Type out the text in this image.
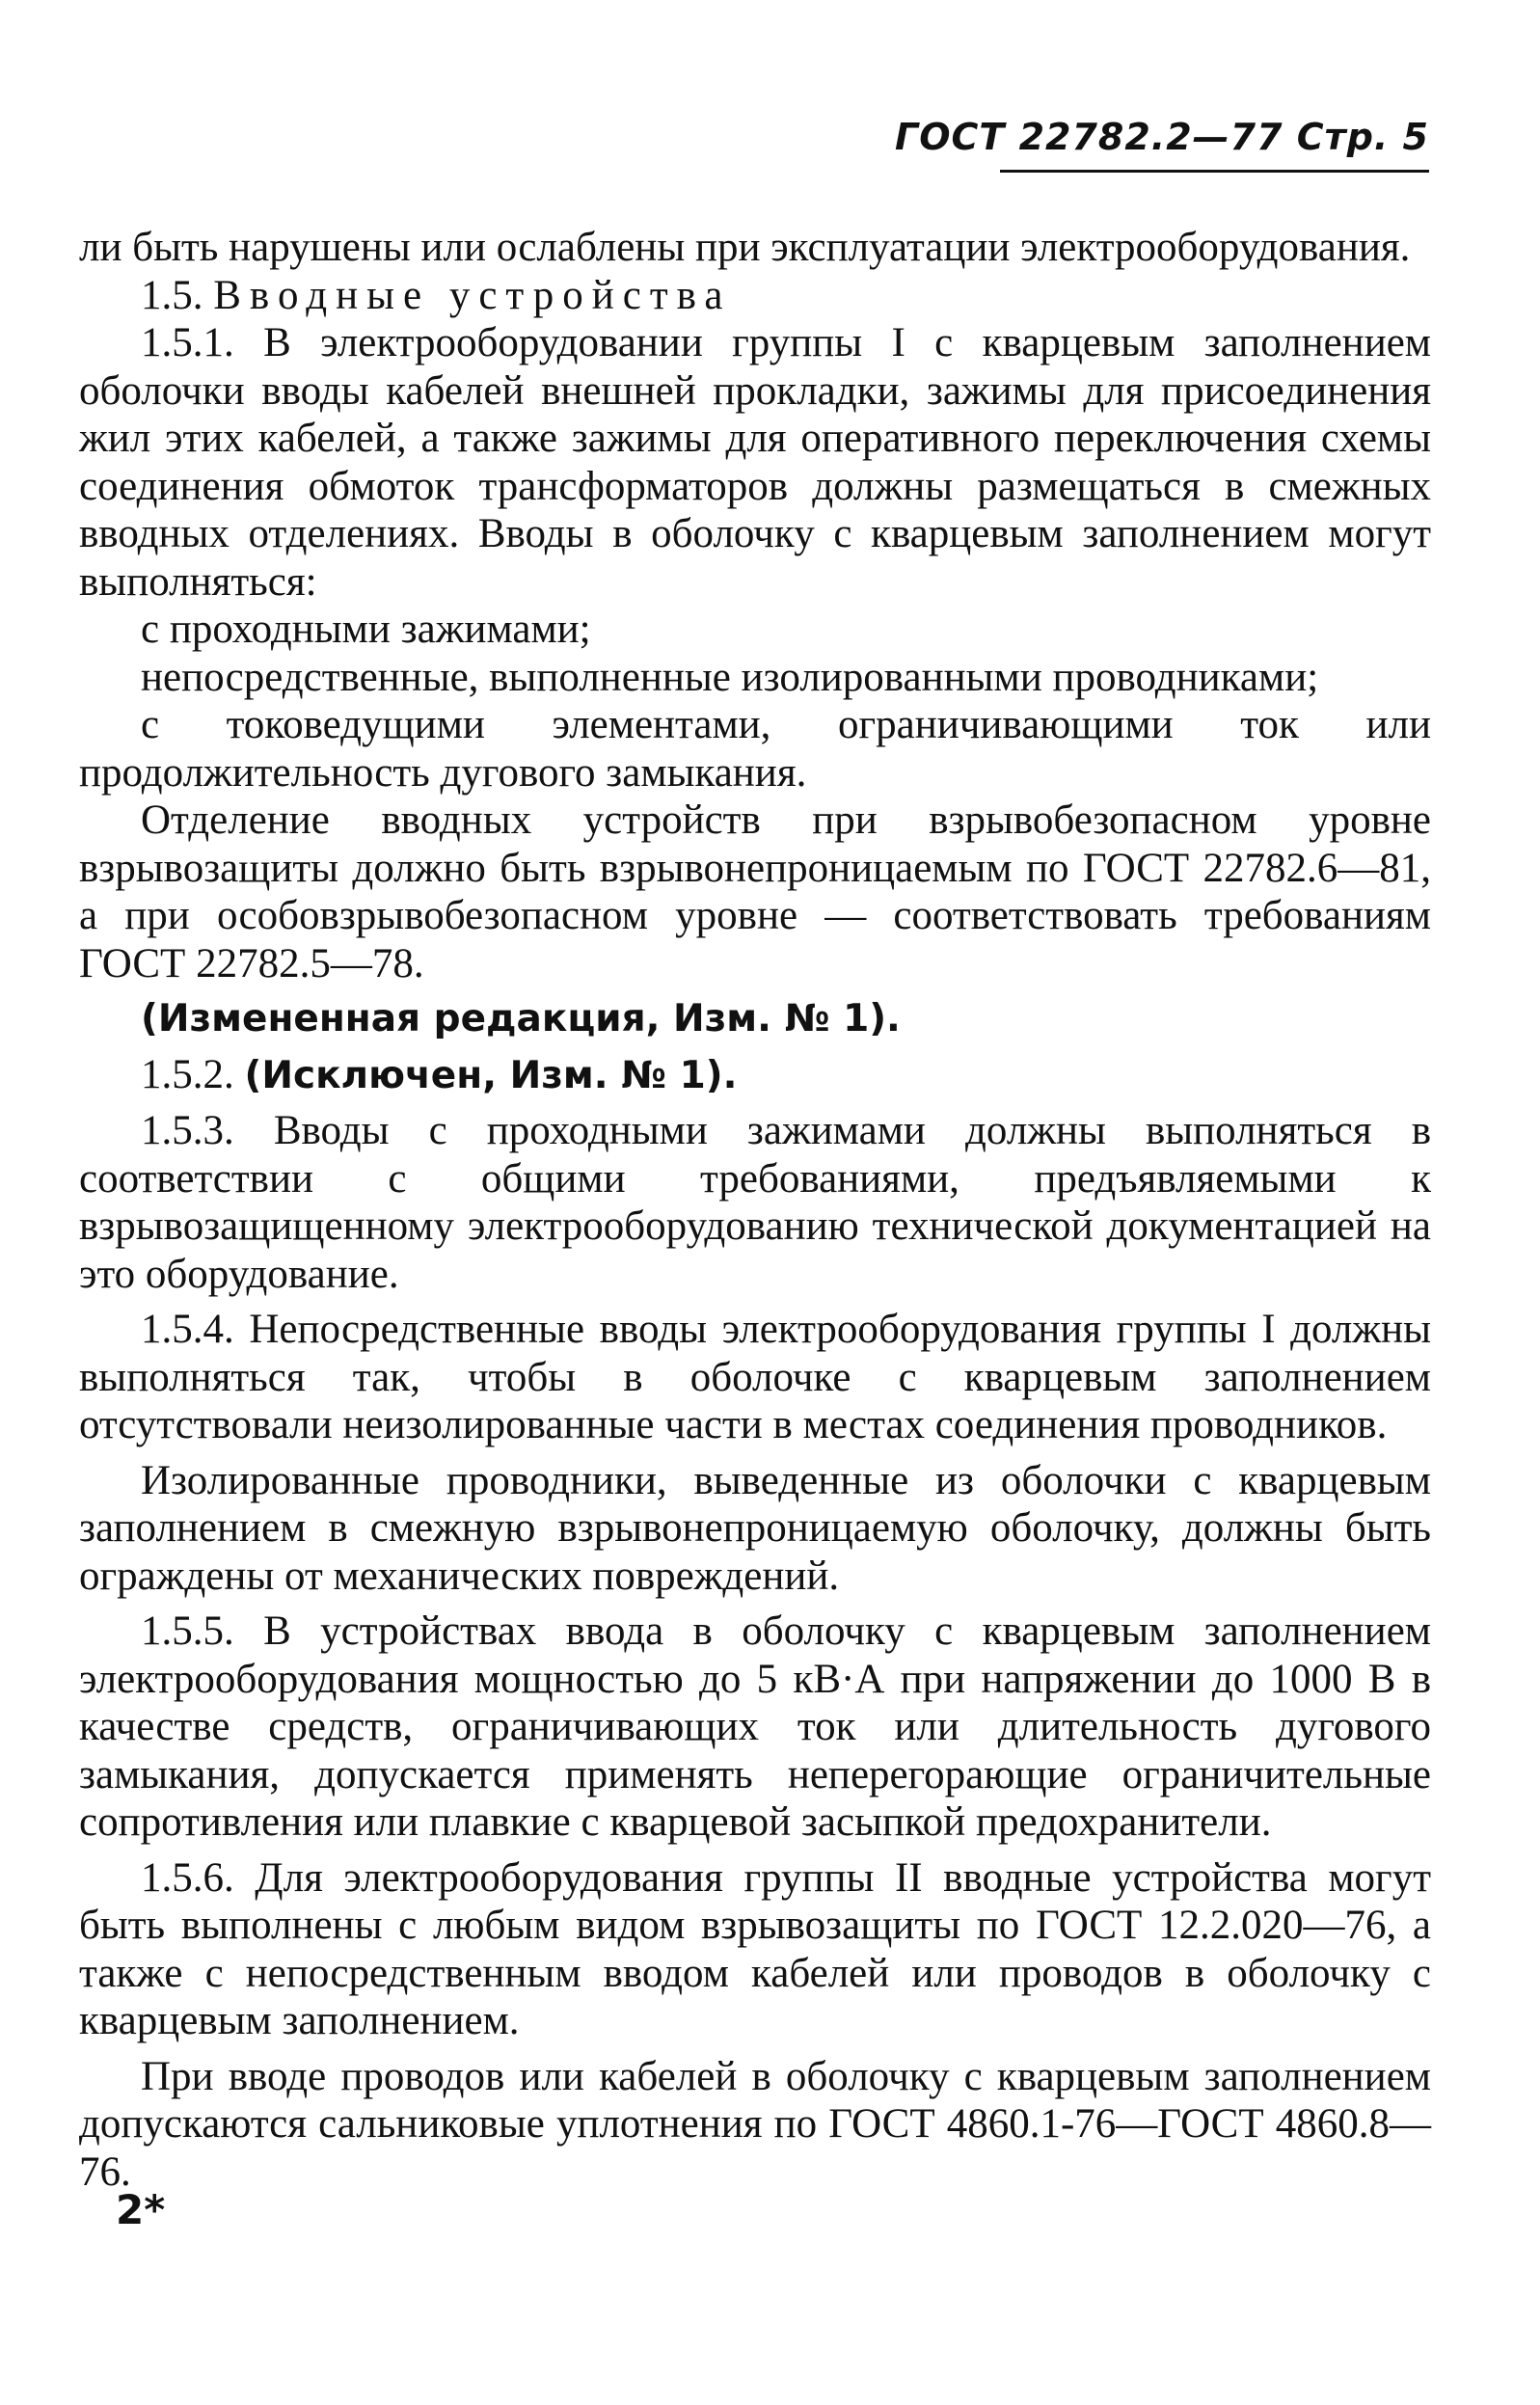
ГОСТ 22782.2—77 Стр. 5

ли быть нарушены или ослаблены при эксплуатации электрооборудования.

1.5. Вводные устройства

1.5.1. В электрооборудовании группы I с кварцевым заполнением оболочки вводы кабелей внешней прокладки, зажимы для присоединения жил этих кабелей, а также зажимы для оперативного переключения схемы соединения обмоток трансформаторов должны размещаться в смежных вводных отделениях. Вводы в оболочку с кварцевым заполнением могут выполняться:

с проходными зажимами;

непосредственные, выполненные изолированными проводниками;

с токоведущими элементами, ограничивающими ток или продолжительность дугового замыкания.

Отделение вводных устройств при взрывобезопасном уровне взрывозащиты должно быть взрывонепроницаемым по ГОСТ 22782.6—81, а при особовзрывобезопасном уровне — соответствовать требованиям ГОСТ 22782.5—78.

(Измененная редакция, Изм. № 1).

1.5.2. (Исключен, Изм. № 1).

1.5.3. Вводы с проходными зажимами должны выполняться в соответствии с общими требованиями, предъявляемыми к взрывозащищенному электрооборудованию технической документацией на это оборудование.

1.5.4. Непосредственные вводы электрооборудования группы I должны выполняться так, чтобы в оболочке с кварцевым заполнением отсутствовали неизолированные части в местах соединения проводников.

Изолированные проводники, выведенные из оболочки с кварцевым заполнением в смежную взрывонепроницаемую оболочку, должны быть ограждены от механических повреждений.

1.5.5. В устройствах ввода в оболочку с кварцевым заполнением электрооборудования мощностью до 5 кВ·А при напряжении до 1000 В в качестве средств, ограничивающих ток или длительность дугового замыкания, допускается применять неперегорающие ограничительные сопротивления или плавкие с кварцевой засыпкой предохранители.

1.5.6. Для электрооборудования группы II вводные устройства могут быть выполнены с любым видом взрывозащиты по ГОСТ 12.2.020—76, а также с непосредственным вводом кабелей или проводов в оболочку с кварцевым заполнением.

При вводе проводов или кабелей в оболочку с кварцевым заполнением допускаются сальниковые уплотнения по ГОСТ 4860.1-76—ГОСТ 4860.8—76.

2*
